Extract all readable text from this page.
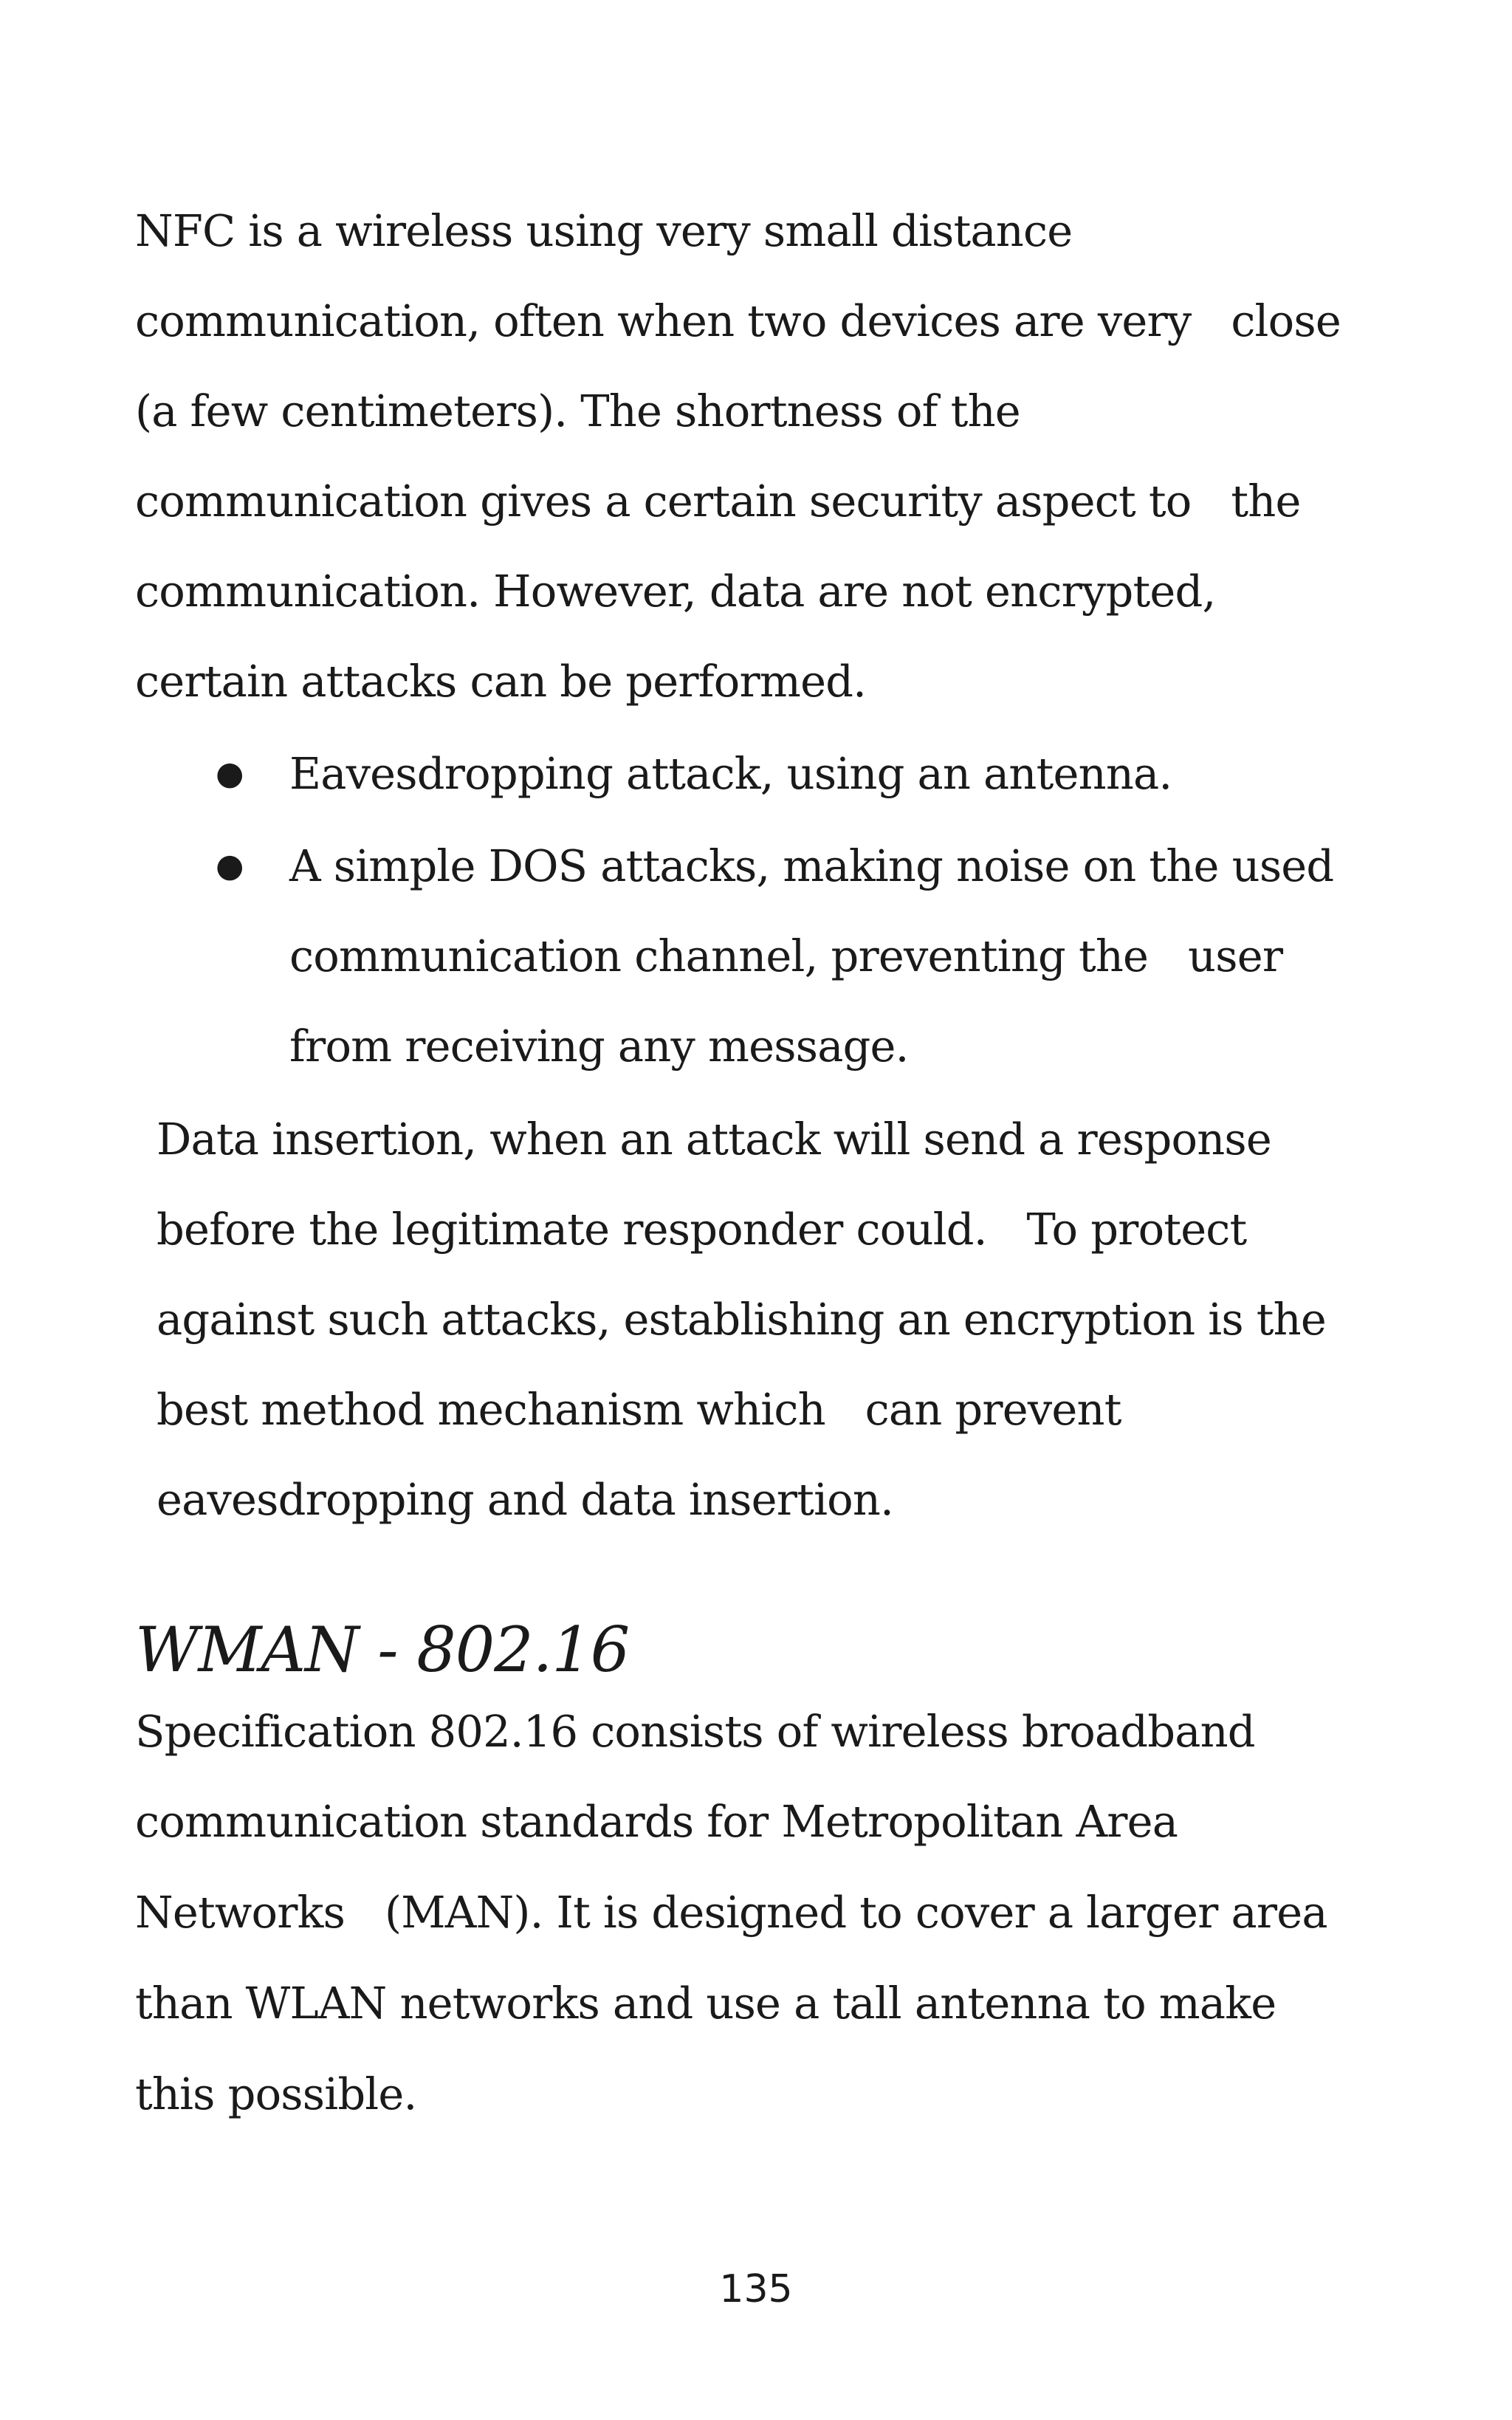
NFC is a wireless using very small distance
communication, often when two devices are very   close
(a few centimeters). The shortness of the
communication gives a certain security aspect to   the
communication. However, data are not encrypted,
certain attacks can be performed.
● Eavesdropping attack, using an antenna.
● A simple DOS attacks, making noise on the used
communication channel, preventing the   user
from receiving any message.
Data insertion, when an attack will send a response
before the legitimate responder could.   To protect
against such attacks, establishing an encryption is the
best method mechanism which   can prevent
eavesdropping and data insertion.
WMAN - 802.16
Specification 802.16 consists of wireless broadband
communication standards for Metropolitan Area
Networks   (MAN). It is designed to cover a larger area
than WLAN networks and use a tall antenna to make
this possible.
135
